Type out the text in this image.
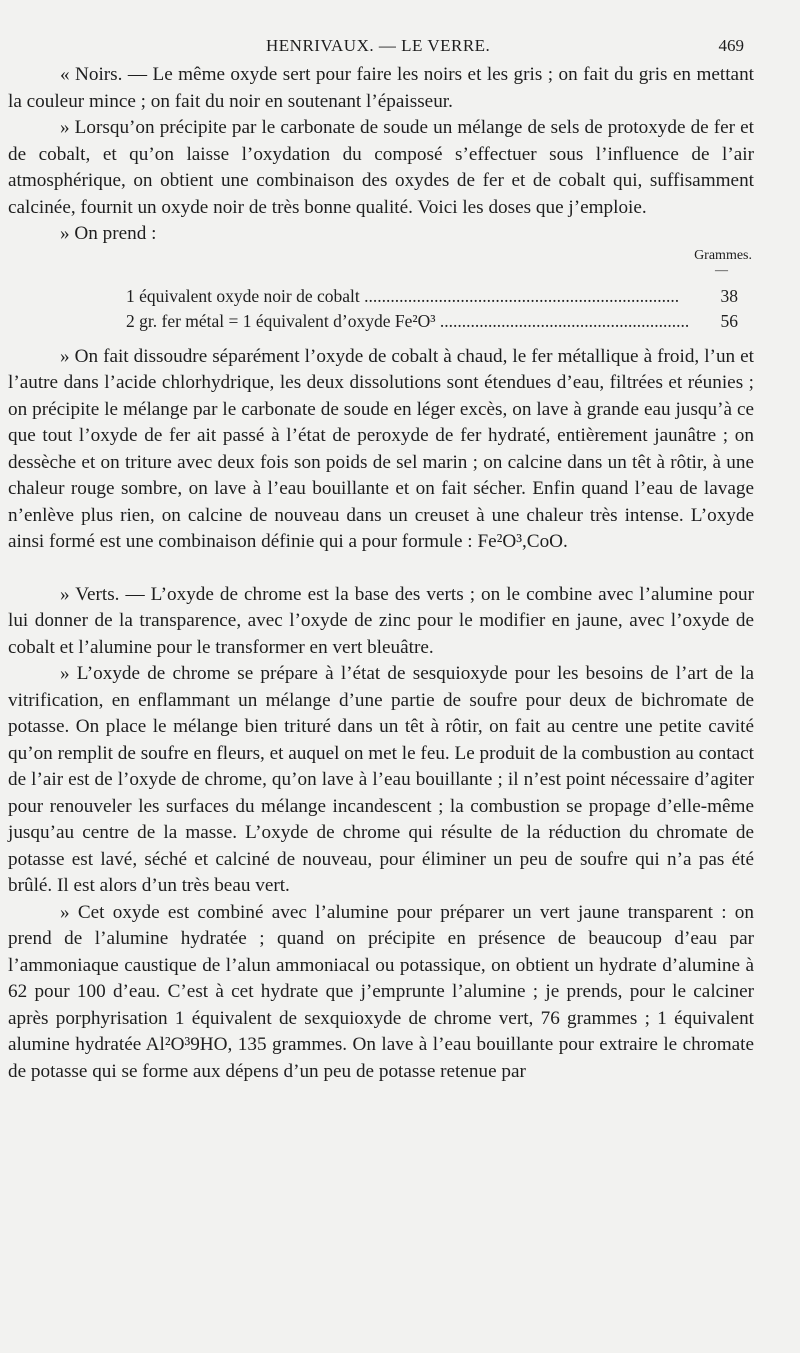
HENRIVAUX. — LE VERRE.	469

« Noirs. — Le même oxyde sert pour faire les noirs et les gris ; on fait du gris en mettant la couleur mince ; on fait du noir en soutenant l’épaisseur.

» Lorsqu’on précipite par le carbonate de soude un mélange de sels de protoxyde de fer et de cobalt, et qu’on laisse l’oxydation du composé s’effectuer sous l’influence de l’air atmosphérique, on obtient une combinaison des oxydes de fer et de cobalt qui, suffisamment calcinée, fournit un oxyde noir de très bonne qualité. Voici les doses que j’emploie.

» On prend :

Grammes.
—
1 équivalent oxyde noir de cobalt .....	38
2 gr. fer métal = 1 équivalent d’oxyde Fe²O³ .....	56

» On fait dissoudre séparément l’oxyde de cobalt à chaud, le fer métallique à froid, l’un et l’autre dans l’acide chlorhydrique, les deux dissolutions sont étendues d’eau, filtrées et réunies ; on précipite le mélange par le carbonate de soude en léger excès, on lave à grande eau jusqu’à ce que tout l’oxyde de fer ait passé à l’état de peroxyde de fer hydraté, entièrement jaunâtre ; on dessèche et on triture avec deux fois son poids de sel marin ; on calcine dans un têt à rôtir, à une chaleur rouge sombre, on lave à l’eau bouillante et on fait sécher. Enfin quand l’eau de lavage n’enlève plus rien, on calcine de nouveau dans un creuset à une chaleur très intense. L’oxyde ainsi formé est une combinaison définie qui a pour formule : Fe²O³,CoO.

» Verts. — L’oxyde de chrome est la base des verts ; on le combine avec l’alumine pour lui donner de la transparence, avec l’oxyde de zinc pour le modifier en jaune, avec l’oxyde de cobalt et l’alumine pour le transformer en vert bleuâtre.

» L’oxyde de chrome se prépare à l’état de sesquioxyde pour les besoins de l’art de la vitrification, en enflammant un mélange d’une partie de soufre pour deux de bichromate de potasse. On place le mélange bien trituré dans un têt à rôtir, on fait au centre une petite cavité qu’on remplit de soufre en fleurs, et auquel on met le feu. Le produit de la combustion au contact de l’air est de l’oxyde de chrome, qu’on lave à l’eau bouillante ; il n’est point nécessaire d’agiter pour renouveler les surfaces du mélange incandescent ; la combustion se propage d’elle-même jusqu’au centre de la masse. L’oxyde de chrome qui résulte de la réduction du chromate de potasse est lavé, séché et calciné de nouveau, pour éliminer un peu de soufre qui n’a pas été brûlé. Il est alors d’un très beau vert.

» Cet oxyde est combiné avec l’alumine pour préparer un vert jaune transparent : on prend de l’alumine hydratée ; quand on précipite en présence de beaucoup d’eau par l’ammoniaque caustique de l’alun ammoniacal ou potassique, on obtient un hydrate d’alumine à 62 pour 100 d’eau. C’est à cet hydrate que j’emprunte l’alumine ; je prends, pour le calciner après porphyrisation 1 équivalent de sexquioxyde de chrome vert, 76 grammes ; 1 équivalent alumine hydratée Al²O³9HO, 135 grammes. On lave à l’eau bouillante pour extraire le chromate de potasse qui se forme aux dépens d’un peu de potasse retenue par
